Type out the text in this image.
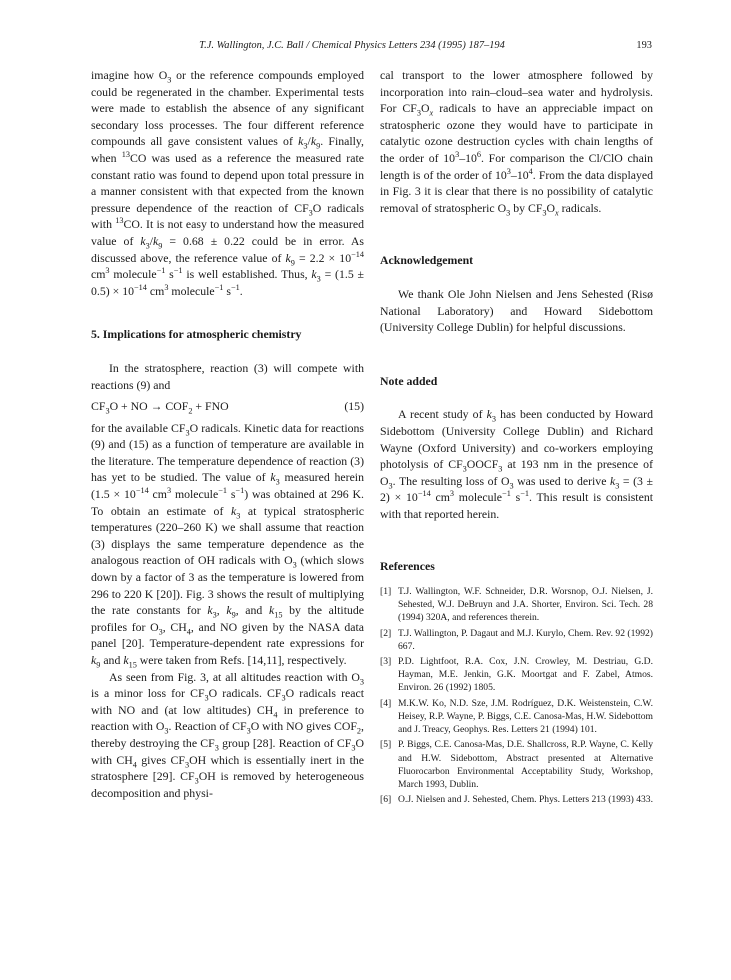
T.J. Wallington, J.C. Ball / Chemical Physics Letters 234 (1995) 187–194	193

imagine how $O_3$ or the reference compounds employed could be regenerated in the chamber. Experimental tests were made to establish the absence of any significant secondary loss processes. The four different reference compounds all gave consistent values of $k_3/k_9$. Finally, when $^{13}$CO was used as a reference the measured rate constant ratio was found to depend upon total pressure in a manner consistent with that expected from the known pressure dependence of the reaction of $CF_3O$ radicals with $^{13}$CO. It is not easy to understand how the measured value of $k_3/k_9 = 0.68 \pm 0.22$ could be in error. As discussed above, the reference value of $k_9 = 2.2 \times 10^{-14}$ $cm^3$ molecule$^{-1}$ $s^{-1}$ is well established. Thus, $k_3 = (1.5 \pm 0.5) \times 10^{-14}$ $cm^3$ molecule$^{-1}$ $s^{-1}$.

5. Implications for atmospheric chemistry

In the stratosphere, reaction (3) will compete with reactions (9) and

$CF_3O$ + NO → $COF_2$ + FNO	(15)

for the available $CF_3O$ radicals. Kinetic data for reactions (9) and (15) as a function of temperature are available in the literature. The temperature dependence of reaction (3) has yet to be studied. The value of $k_3$ measured herein ($1.5 \times 10^{-14}$ $cm^3$ molecule$^{-1}$ $s^{-1}$) was obtained at 296 K. To obtain an estimate of $k_3$ at typical stratospheric temperatures (220–260 K) we shall assume that reaction (3) displays the same temperature dependence as the analogous reaction of OH radicals with $O_3$ (which slows down by a factor of 3 as the temperature is lowered from 296 to 220 K [20]). Fig. 3 shows the result of multiplying the rate constants for $k_3$, $k_9$, and $k_{15}$ by the altitude profiles for $O_3$, $CH_4$, and NO given by the NASA data panel [20]. Temperature-dependent rate expressions for $k_9$ and $k_{15}$ were taken from Refs. [14,11], respectively.

As seen from Fig. 3, at all altitudes reaction with $O_3$ is a minor loss for $CF_3O$ radicals. $CF_3O$ radicals react with NO and (at low altitudes) $CH_4$ in preference to reaction with $O_3$. Reaction of $CF_3O$ with NO gives $COF_2$, thereby destroying the $CF_3$ group [28]. Reaction of $CF_3O$ with $CH_4$ gives $CF_3OH$ which is essentially inert in the stratosphere [29]. $CF_3OH$ is removed by heterogeneous decomposition and physi-

cal transport to the lower atmosphere followed by incorporation into rain–cloud–sea water and hydrolysis. For $CF_3O_x$ radicals to have an appreciable impact on stratospheric ozone they would have to participate in catalytic ozone destruction cycles with chain lengths of the order of $10^3-10^6$. For comparison the Cl/ClO chain length is of the order of $10^3-10^4$. From the data displayed in Fig. 3 it is clear that there is no possibility of catalytic removal of stratospheric $O_3$ by $CF_3O_x$ radicals.

Acknowledgement

We thank Ole John Nielsen and Jens Sehested (Risø National Laboratory) and Howard Sidebottom (University College Dublin) for helpful discussions.

Note added

A recent study of $k_3$ has been conducted by Howard Sidebottom (University College Dublin) and Richard Wayne (Oxford University) and co-workers employing photolysis of $CF_3OOCF_3$ at 193 nm in the presence of $O_3$. The resulting loss of $O_3$ was used to derive $k_3 = (3 \pm 2) \times 10^{-14}$ $cm^3$ molecule$^{-1}$ $s^{-1}$. This result is consistent with that reported herein.

References
[1] T.J. Wallington, W.F. Schneider, D.R. Worsnop, O.J. Nielsen, J. Sehested, W.J. DeBruyn and J.A. Shorter, Environ. Sci. Tech. 28 (1994) 320A, and references therein.
[2] T.J. Wallington, P. Dagaut and M.J. Kurylo, Chem. Rev. 92 (1992) 667.
[3] P.D. Lightfoot, R.A. Cox, J.N. Crowley, M. Destriau, G.D. Hayman, M.E. Jenkin, G.K. Moortgat and F. Zabel, Atmos. Environ. 26 (1992) 1805.
[4] M.K.W. Ko, N.D. Sze, J.M. Rodríguez, D.K. Weistenstein, C.W. Heisey, R.P. Wayne, P. Biggs, C.E. Canosa-Mas, H.W. Sidebottom and J. Treacy, Geophys. Res. Letters 21 (1994) 101.
[5] P. Biggs, C.E. Canosa-Mas, D.E. Shallcross, R.P. Wayne, C. Kelly and H.W. Sidebottom, Abstract presented at Alternative Fluorocarbon Environmental Acceptability Study, Workshop, March 1993, Dublin.
[6] O.J. Nielsen and J. Sehested, Chem. Phys. Letters 213 (1993) 433.
